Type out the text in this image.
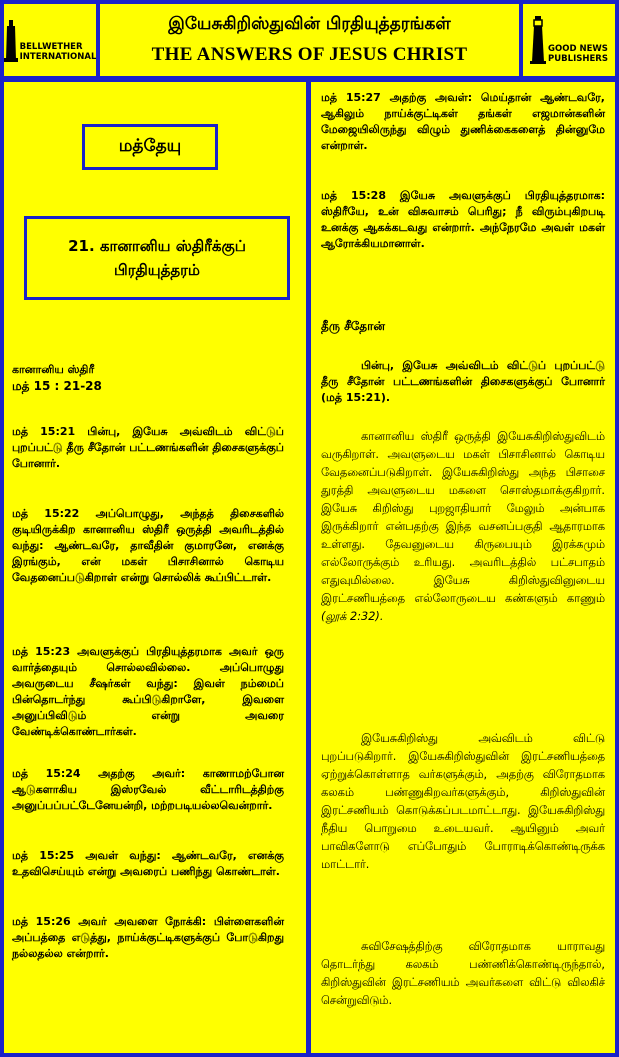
BELLWETHER
INTERNATIONAL
இயேசுகிறிஸ்துவின் பிரதியுத்தரங்கள்
THE ANSWERS OF JESUS CHRIST	GOOD NEWS
PUBLISHERS
மத்தேயு
21. கானானிய ஸ்திரீக்குப் பிரதியுத்தரம்
கானானிய ஸ்திரீ
மத் 15 : 21-28
மத் 15:21 பின்பு, இயேசு அவ்விடம் விட்டுப் புறப்பட்டு தீரு சீதோன் பட்டணங்களின் திசைகளுக்குப் போனார்.
மத் 15:22 அப்பொழுது, அந்தத் திசைகளில் குடியிருக்கிற கானானிய ஸ்திரீ ஒருத்தி அவரிடத்தில் வந்து: ஆண்டவரே, தாவீதின் குமாரனே, எனக்கு இரங்கும், என் மகள் பிசாசினால் கொடிய வேதனைப்படுகிறாள் என்று சொல்லிக் கூப்பிட்டாள்.
மத் 15:23 அவளுக்குப் பிரதியுத்தரமாக அவர் ஒரு வார்த்தையும் சொல்லவில்லை. அப்பொழுது அவருடைய சீஷர்கள் வந்து: இவள் நம்மைப் பின்தொடர்ந்து கூப்பிடுகிறாளே, இவளை அனுப்பிவிடும் என்று அவரை வேண்டிக்கொண்டார்கள்.
மத் 15:24 அதற்கு அவர்: காணாமற்போன ஆடுகளாகிய இஸ்ரவேல் வீட்டாரிடத்திற்கு அனுப்பப்பட்டேனேயன்றி, மற்றபடியல்லவென்றார்.
மத் 15:25 அவள் வந்து: ஆண்டவரே, எனக்கு உதவிசெய்யும் என்று அவரைப் பணிந்து கொண்டாள்.
மத் 15:26 அவர் அவளை நோக்கி: பிள்ளைகளின் அப்பத்தை எடுத்து, நாய்க்குட்டிகளுக்குப் போடுகிறது நல்லதல்ல என்றார்.
மத் 15:27 அதற்கு அவள்: மெய்தான் ஆண்டவரே, ஆகிலும் நாய்க்குட்டிகள் தங்கள் எஜமான்களின் மேஜையிலிருந்து விழும் துணிக்கைகளைத் தின்னுமே என்றாள்.
மத் 15:28 இயேசு அவளுக்குப் பிரதியுத்தரமாக: ஸ்திரீயே, உன் விசுவாசம் பெரிது; நீ விரும்புகிறபடி உனக்கு ஆகக்கடவது என்றார். அந்நேரமே அவள் மகள் ஆரோக்கியமானாள்.
தீரு சீதோன்
பின்பு, இயேசு அவ்விடம் விட்டுப் புறப்பட்டு தீரு சீதோன் பட்டணங்களின் திசைகளுக்குப் போனார் (மத் 15:21).
கானானிய ஸ்திரீ ஒருத்தி இயேசுகிறிஸ்துவிடம் வருகிறாள். அவளுடைய மகள் பிசாசினால் கொடிய வேதனைப்படுகிறாள். இயேசுகிறிஸ்து அந்த பிசாசை துரத்தி அவளுடைய மகளை சொஸ்தமாக்குகிறார். இயேசு கிறிஸ்து புறஜாதியார் மேலும் அன்பாக இருக்கிறார் என்பதற்கு இந்த வசனப்பகுதி ஆதாரமாக உள்ளது. தேவனுடைய கிருபையும் இரக்கமும் எல்லோருக்கும் உரியது. அவரிடத்தில் பட்சபாதம் எதுவுமில்லை. இயேசு கிறிஸ்துவினுடைய இரட்சணியத்தை எல்லோருடைய கண்களும் காணும் (லூக் 2:32).
இயேசுகிறிஸ்து அவ்விடம் விட்டு புறப்படுகிறார். இயேசுகிறிஸ்துவின் இரட்சணியத்தை ஏற்றுக்கொள்ளாத வர்களுக்கும், அதற்கு விரோதமாக கலகம் பண்ணுகிறவர்களுக்கும், கிறிஸ்துவின் இரட்சணியம் கொடுக்கப்படமாட்டாது. இயேசுகிறிஸ்து நீதிய பொறுமை உடையவர். ஆயினும் அவர் பாவிகளோடு எப்போதும் போராடிக்கொண்டிருக்க மாட்டார்.
சுவிசேஷத்திற்கு விரோதமாக யாராவது தொடர்ந்து கலகம் பண்ணிக்கொண்டிருந்தால், கிறிஸ்துவின் இரட்சணியம் அவர்களை விட்டு விலகிச் சென்றுவிடும்.
